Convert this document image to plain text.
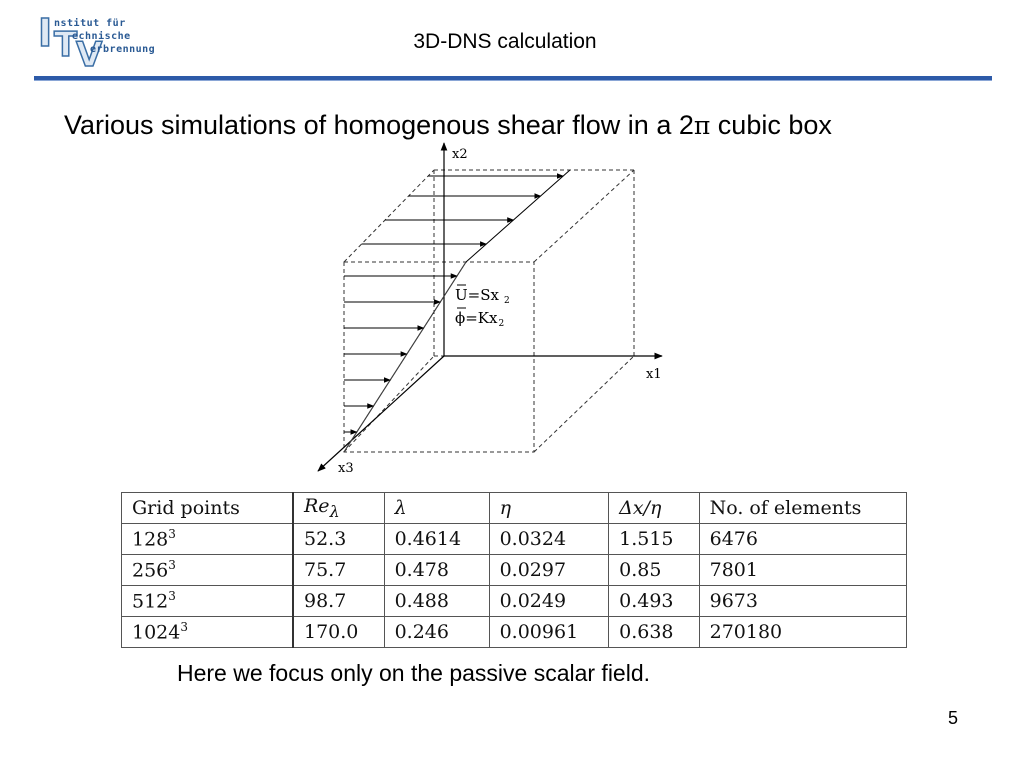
I T
V
nstitut für
echnische
erbrennung	3D-DNS calculation
Various simulations of homogenous shear flow in a 2π cubic box
x2
x1
x3
U=Sx $_2$
$\phi=Kx_2$
Grid points	$Re_\lambda$	λ	η	Δx/η	No. of elements
$128^3$	52.3	0.4614	0.0324	1.515	6476
$256^3$	75.7	0.478	0.0297	0.85	7801
$512^3$	98.7	0.488	0.0249	0.493	9673
1024$^3$	170.0	0.246	0.00961	0.638	270180
Here we focus only on the passive scalar field.
5
